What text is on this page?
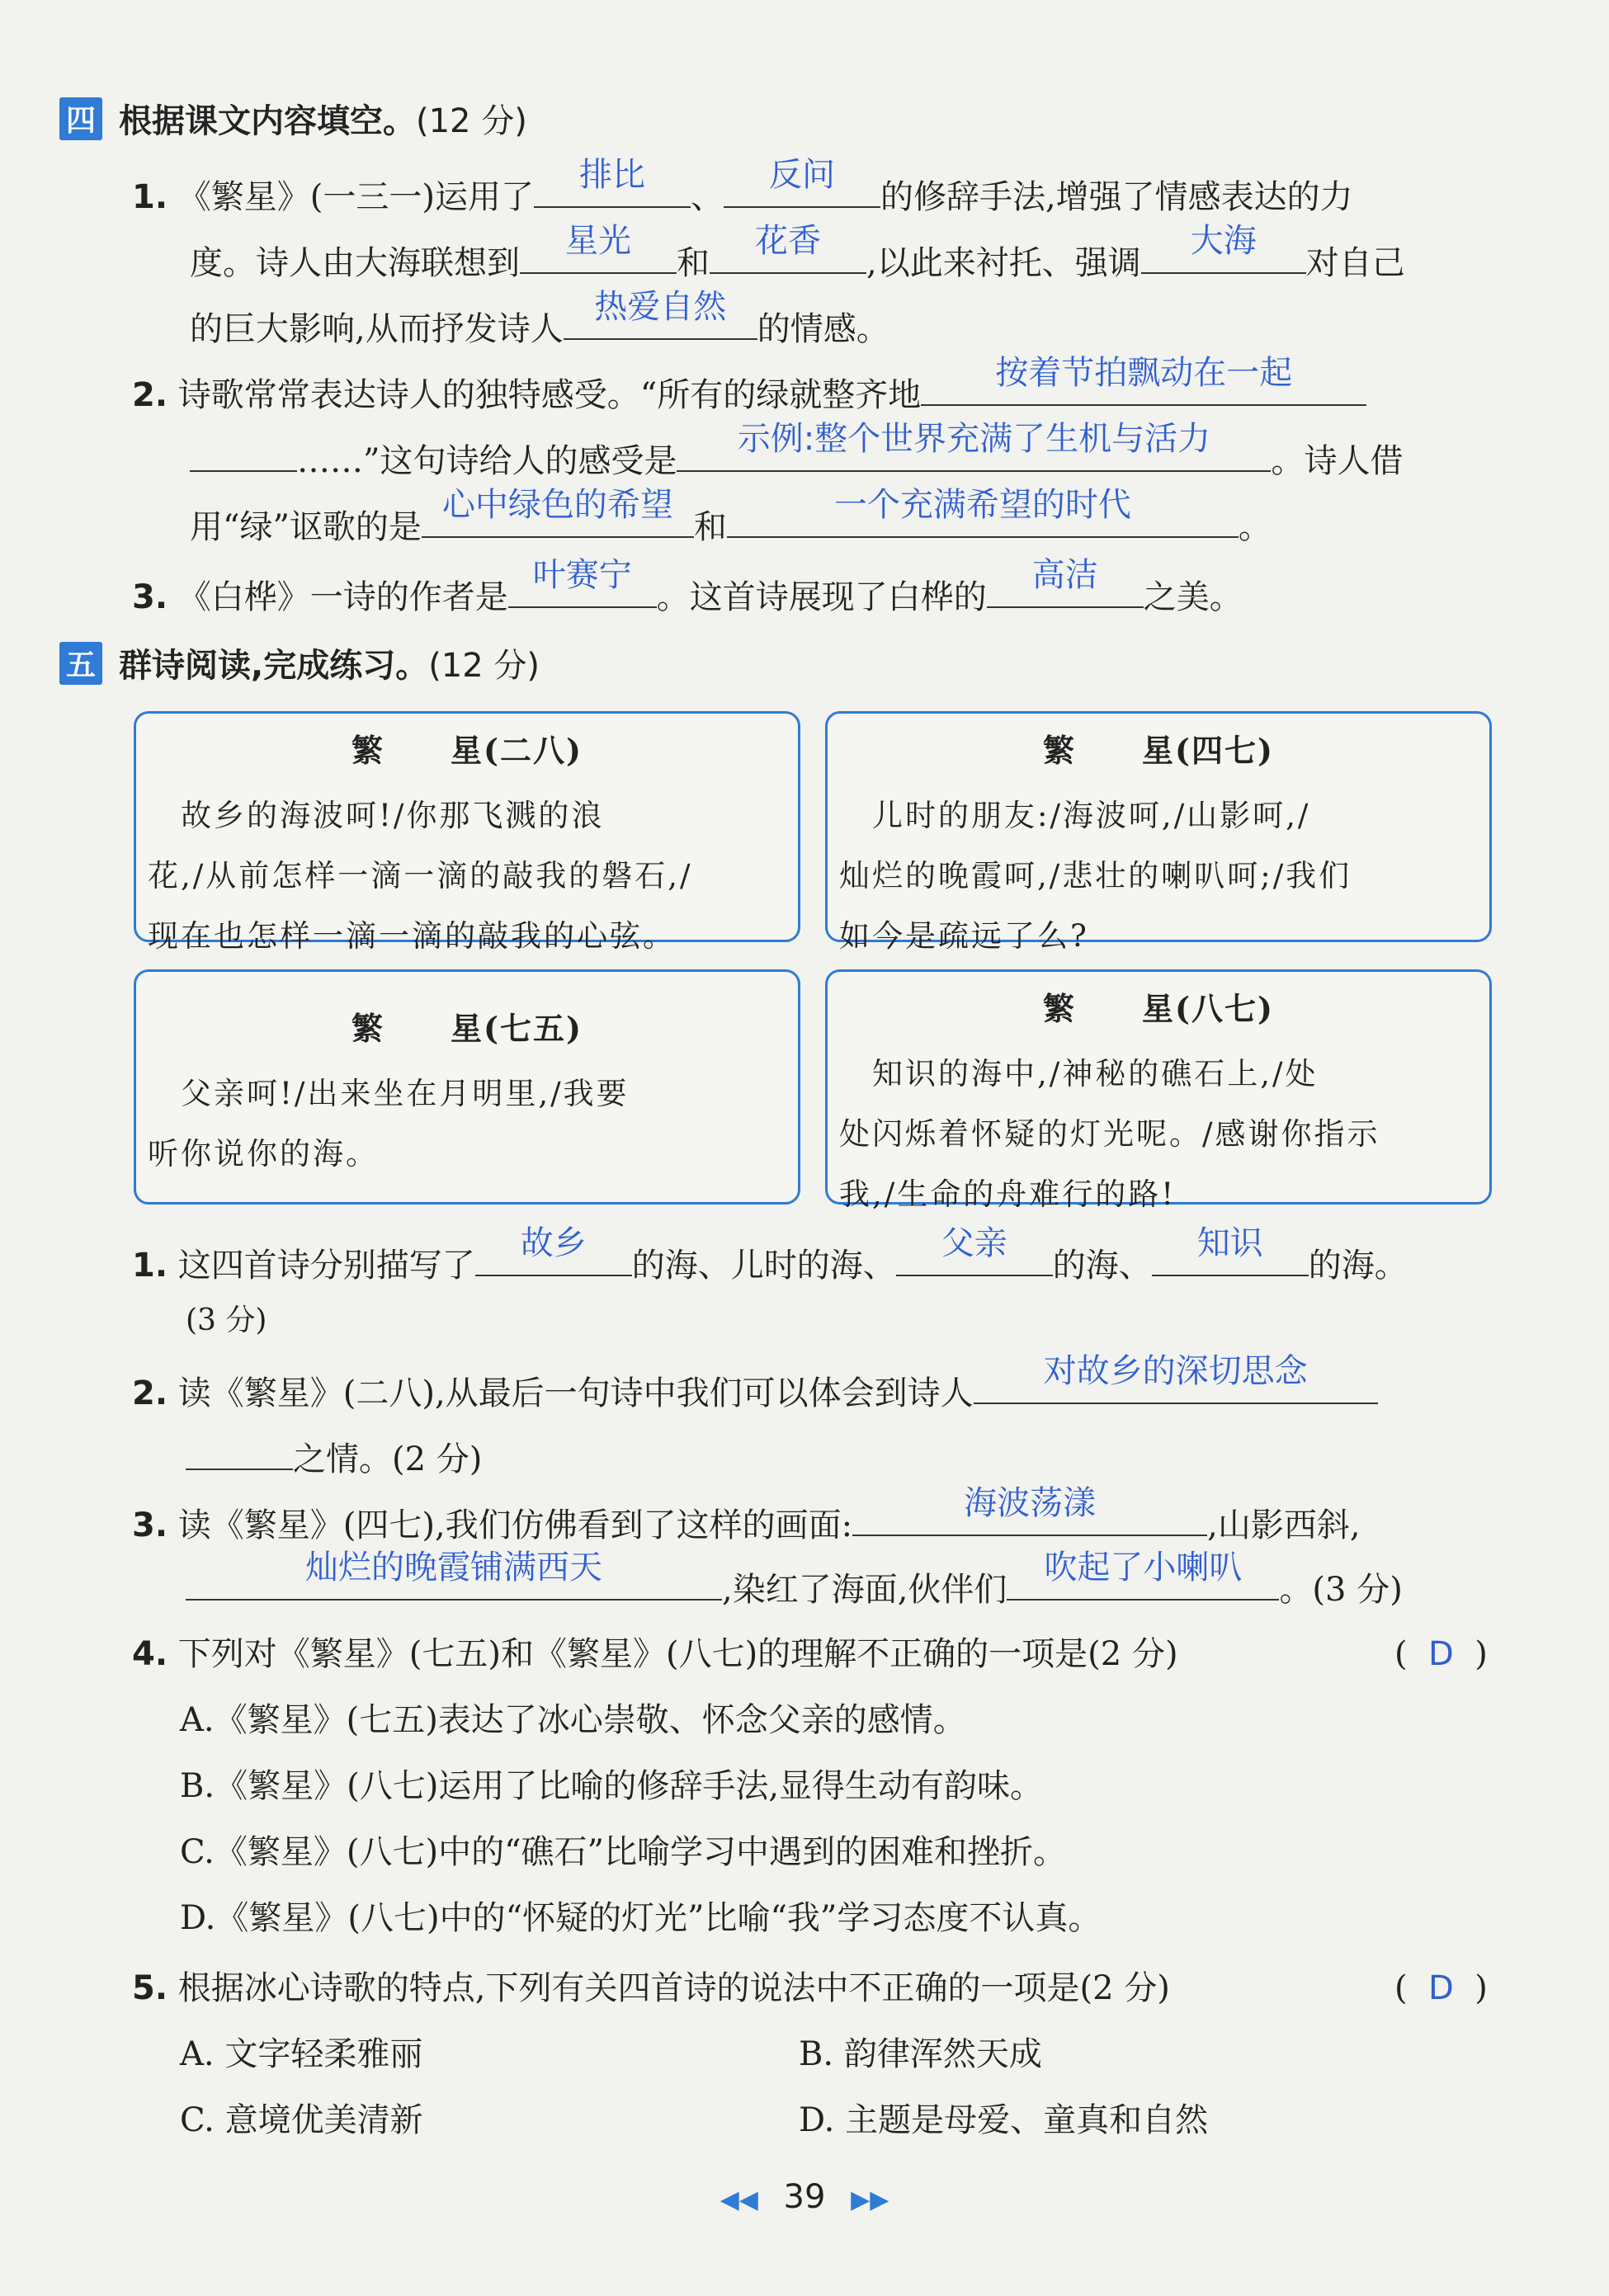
四 根据课文内容填空。 (12 分)
1. 《繁星》(一三一)运用了
排比
、
反问
的修辞手法,增强了情感表达的力
度。诗人由大海联想到
星光
和
花香
,以此来衬托、强调
大海
对自己
的巨大影响,从而抒发诗人
热爱自然
的情感。
2. 诗歌常常表达诗人的独特感受。“所有的绿就整齐地
按着节拍飘动在一起
……”这句诗给人的感受是
示例:整个世界充满了生机与活力
。诗人借
用“绿”讴歌的是
心中绿色的希望
和
一个充满希望的时代
。
3. 《白桦》一诗的作者是
叶赛宁
。这首诗展现了白桦的
高洁
之美。
五 群诗阅读,完成练习。 (12 分)
繁　　星(二八)
　故乡的海波呵!/你那飞溅的浪
花,/从前怎样一滴一滴的敲我的磐石,/
现在也怎样一滴一滴的敲我的心弦。
繁　　星(四七)
　儿时的朋友:/海波呵,/山影呵,/
灿烂的晚霞呵,/悲壮的喇叭呵;/我们
如今是疏远了么?
繁　　星(七五)
　父亲呵!/出来坐在月明里,/我要
听你说你的海。
繁　　星(八七)
　知识的海中,/神秘的礁石上,/处
处闪烁着怀疑的灯光呢。/感谢你指示
我,/生命的舟难行的路!
1. 这四首诗分别描写了
故乡
的海、儿时的海、
父亲
的海、
知识
的海。
(3 分)
2. 读《繁星》(二八),从最后一句诗中我们可以体会到诗人
对故乡的深切思念
之情。(2 分)
3. 读《繁星》(四七),我们仿佛看到了这样的画面:
海波荡漾
,山影西斜,
灿烂的晚霞铺满西天
,染红了海面,伙伴们
吹起了小喇叭
。(3 分)
4. 下列对《繁星》(七五)和《繁星》(八七)的理解不正确的一项是(2 分)	(  D  )
A.《繁星》(七五)表达了冰心崇敬、怀念父亲的感情。
B.《繁星》(八七)运用了比喻的修辞手法,显得生动有韵味。
C.《繁星》(八七)中的“礁石”比喻学习中遇到的困难和挫折。
D.《繁星》(八七)中的“怀疑的灯光”比喻“我”学习态度不认真。
5. 根据冰心诗歌的特点,下列有关四首诗的说法中不正确的一项是(2 分)	(  D  )
A. 文字轻柔雅丽	B. 韵律浑然天成
C. 意境优美清新	D. 主题是母爱、童真和自然
◀◀ 39 ▶▶
